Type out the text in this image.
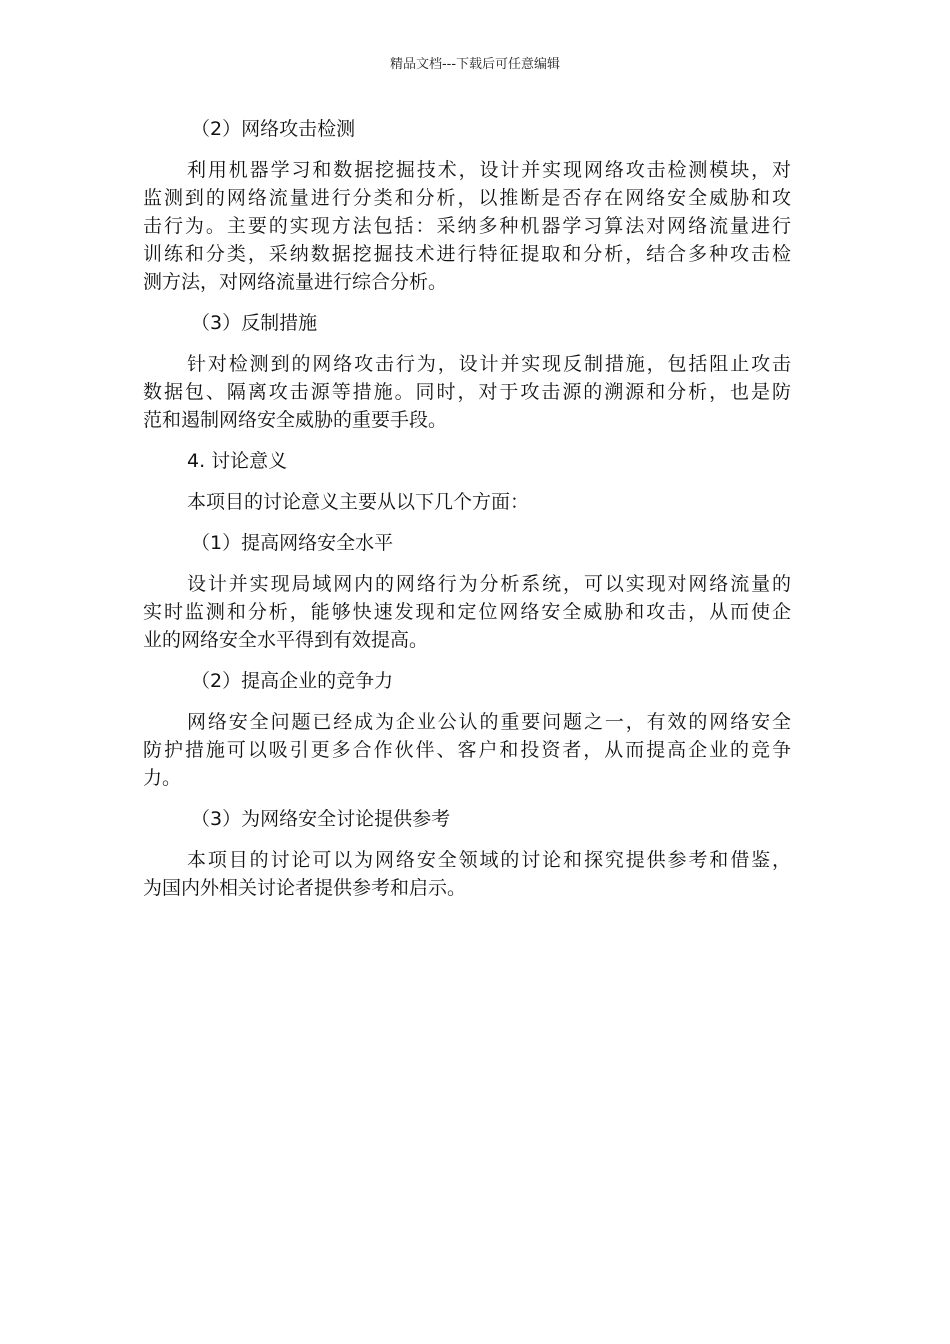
精品文档---下载后可任意编辑
（2）网络攻击检测
利用机器学习和数据挖掘技术，设计并实现网络攻击检测模块，对
监测到的网络流量进行分类和分析，以推断是否存在网络安全威胁和攻
击行为。主要的实现方法包括：采纳多种机器学习算法对网络流量进行
训练和分类，采纳数据挖掘技术进行特征提取和分析，结合多种攻击检
测方法，对网络流量进行综合分析。
（3）反制措施
针对检测到的网络攻击行为，设计并实现反制措施，包括阻止攻击
数据包、隔离攻击源等措施。同时，对于攻击源的溯源和分析，也是防
范和遏制网络安全威胁的重要手段。
4. 讨论意义
本项目的讨论意义主要从以下几个方面：
（1）提高网络安全水平
设计并实现局域网内的网络行为分析系统，可以实现对网络流量的
实时监测和分析，能够快速发现和定位网络安全威胁和攻击，从而使企
业的网络安全水平得到有效提高。
（2）提高企业的竞争力
网络安全问题已经成为企业公认的重要问题之一，有效的网络安全
防护措施可以吸引更多合作伙伴、客户和投资者，从而提高企业的竞争
力。
（3）为网络安全讨论提供参考
本项目的讨论可以为网络安全领域的讨论和探究提供参考和借鉴，
为国内外相关讨论者提供参考和启示。
